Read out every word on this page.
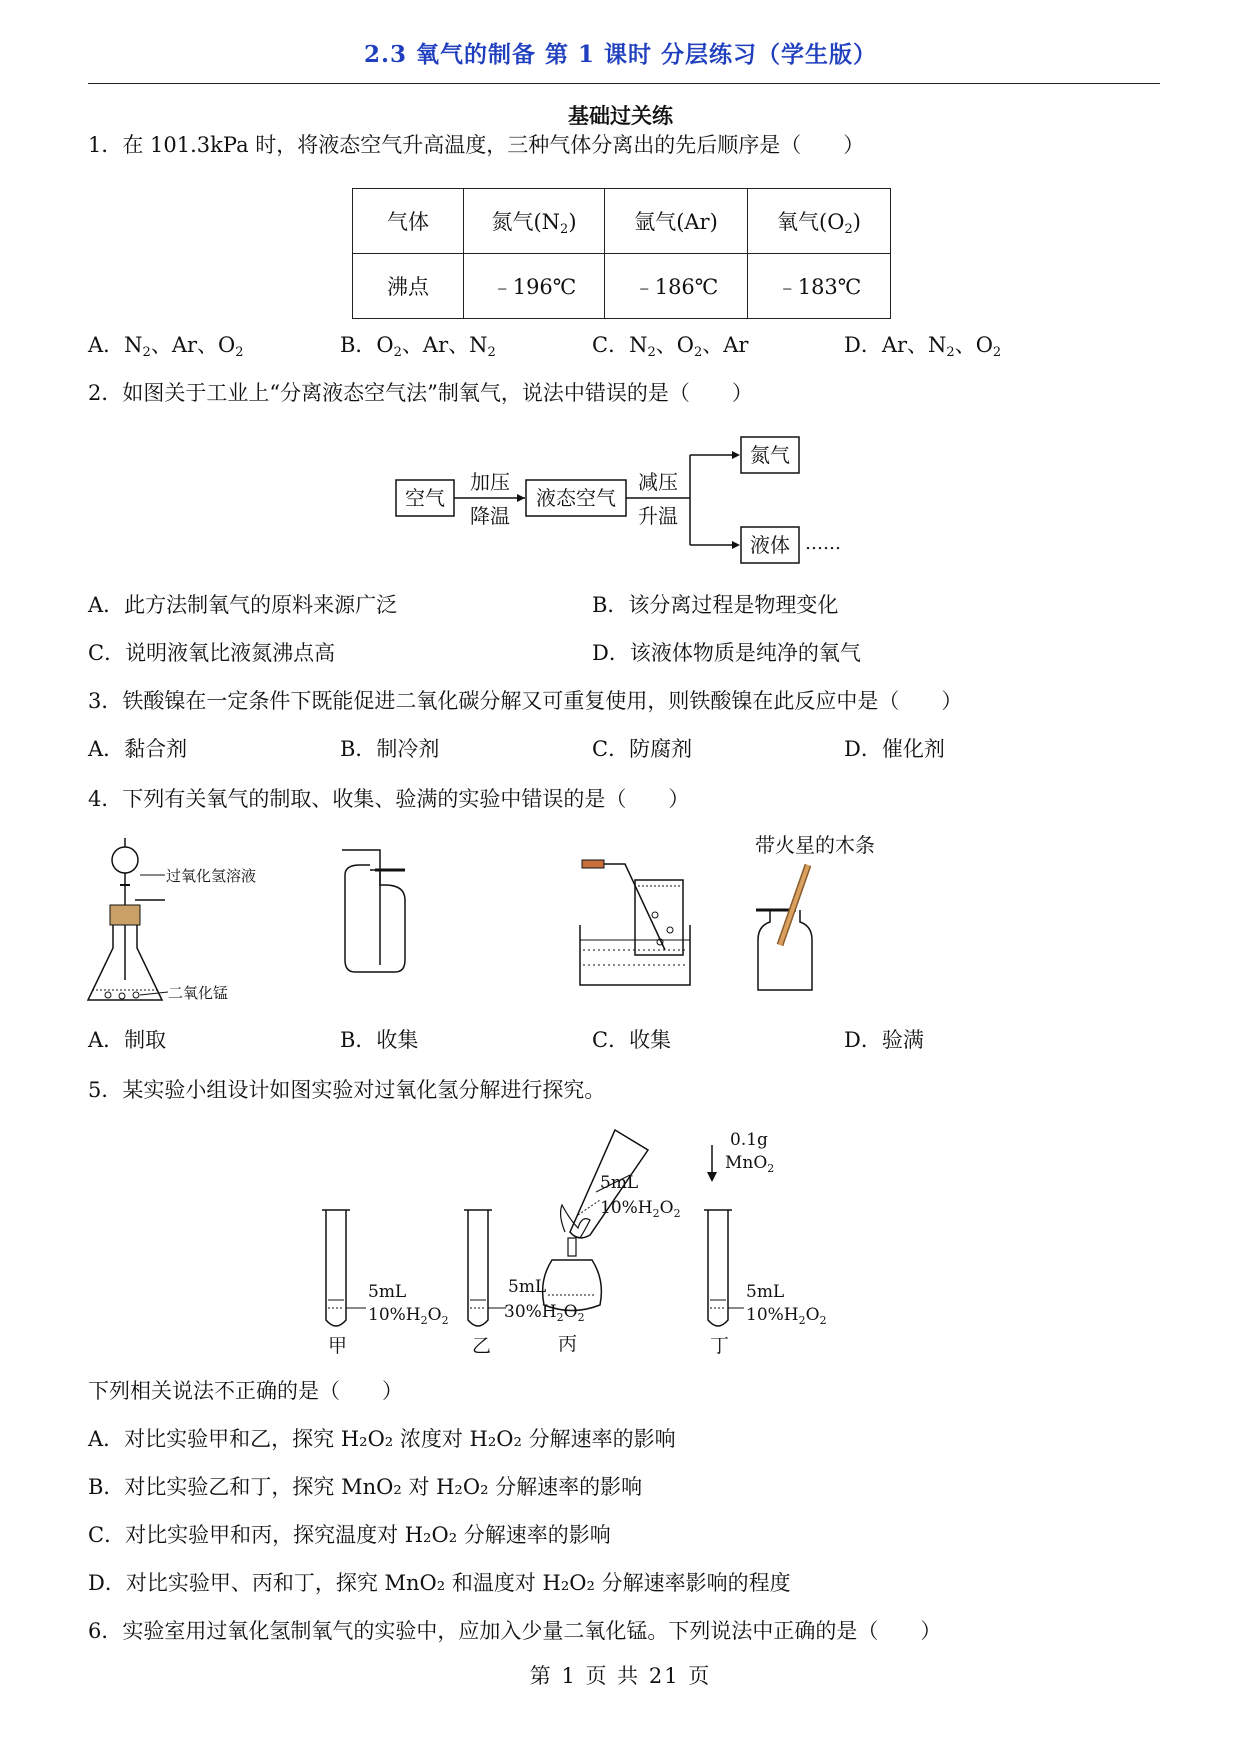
2.3 氧气的制备 第 1 课时 分层练习（学生版）
基础过关练
1．在 101.3kPa 时，将液态空气升高温度，三种气体分离出的先后顺序是（　　）
气体	氮气$(N_2)$	氩气(Ar)	氧气$(O_2)$
沸点	﹣196℃	﹣186℃	﹣183℃
A．$N_2$、Ar、$O_2$	B．$O_2$、Ar、$N_2$	C．$N_2$、$O_2$、Ar	D．Ar、$N_2$、$O_2$
2．如图关于工业上“分离液态空气法”制氧气，说法中错误的是（　　）
空气
加压
降温
液态空气
减压
升温
氮气
液体 ……
A．此方法制氧气的原料来源广泛	B．该分离过程是物理变化
C．说明液氧比液氮沸点高	D．该液体物质是纯净的氧气
3．铁酸镍在一定条件下既能促进二氧化碳分解又可重复使用，则铁酸镍在此反应中是（　　）
A．黏合剂	B．制冷剂	C．防腐剂	D．催化剂
4．下列有关氧气的制取、收集、验满的实验中错误的是（　　）
过氧化氢溶液
二氧化锰
带火星的木条
A．制取	B．收集	C．收集	D．验满
5．某实验小组设计如图实验对过氧化氢分解进行探究。
5mL
$10\%H_2O_2$
甲
5mL
$30\%H_2O_2$
乙
5mL
$10\%H_2O_2$
丙
0.1g
MnO$_2$
5mL
$10\%H_2O_2$
丁
下列相关说法不正确的是（　　）
A．对比实验甲和乙，探究 H₂O₂ 浓度对 H₂O₂ 分解速率的影响
B．对比实验乙和丁，探究 MnO₂ 对 H₂O₂ 分解速率的影响
C．对比实验甲和丙，探究温度对 H₂O₂ 分解速率的影响
D．对比实验甲、丙和丁，探究 MnO₂ 和温度对 H₂O₂ 分解速率影响的程度
6．实验室用过氧化氢制氧气的实验中，应加入少量二氧化锰。下列说法中正确的是（　　）
第 1 页 共 21 页
